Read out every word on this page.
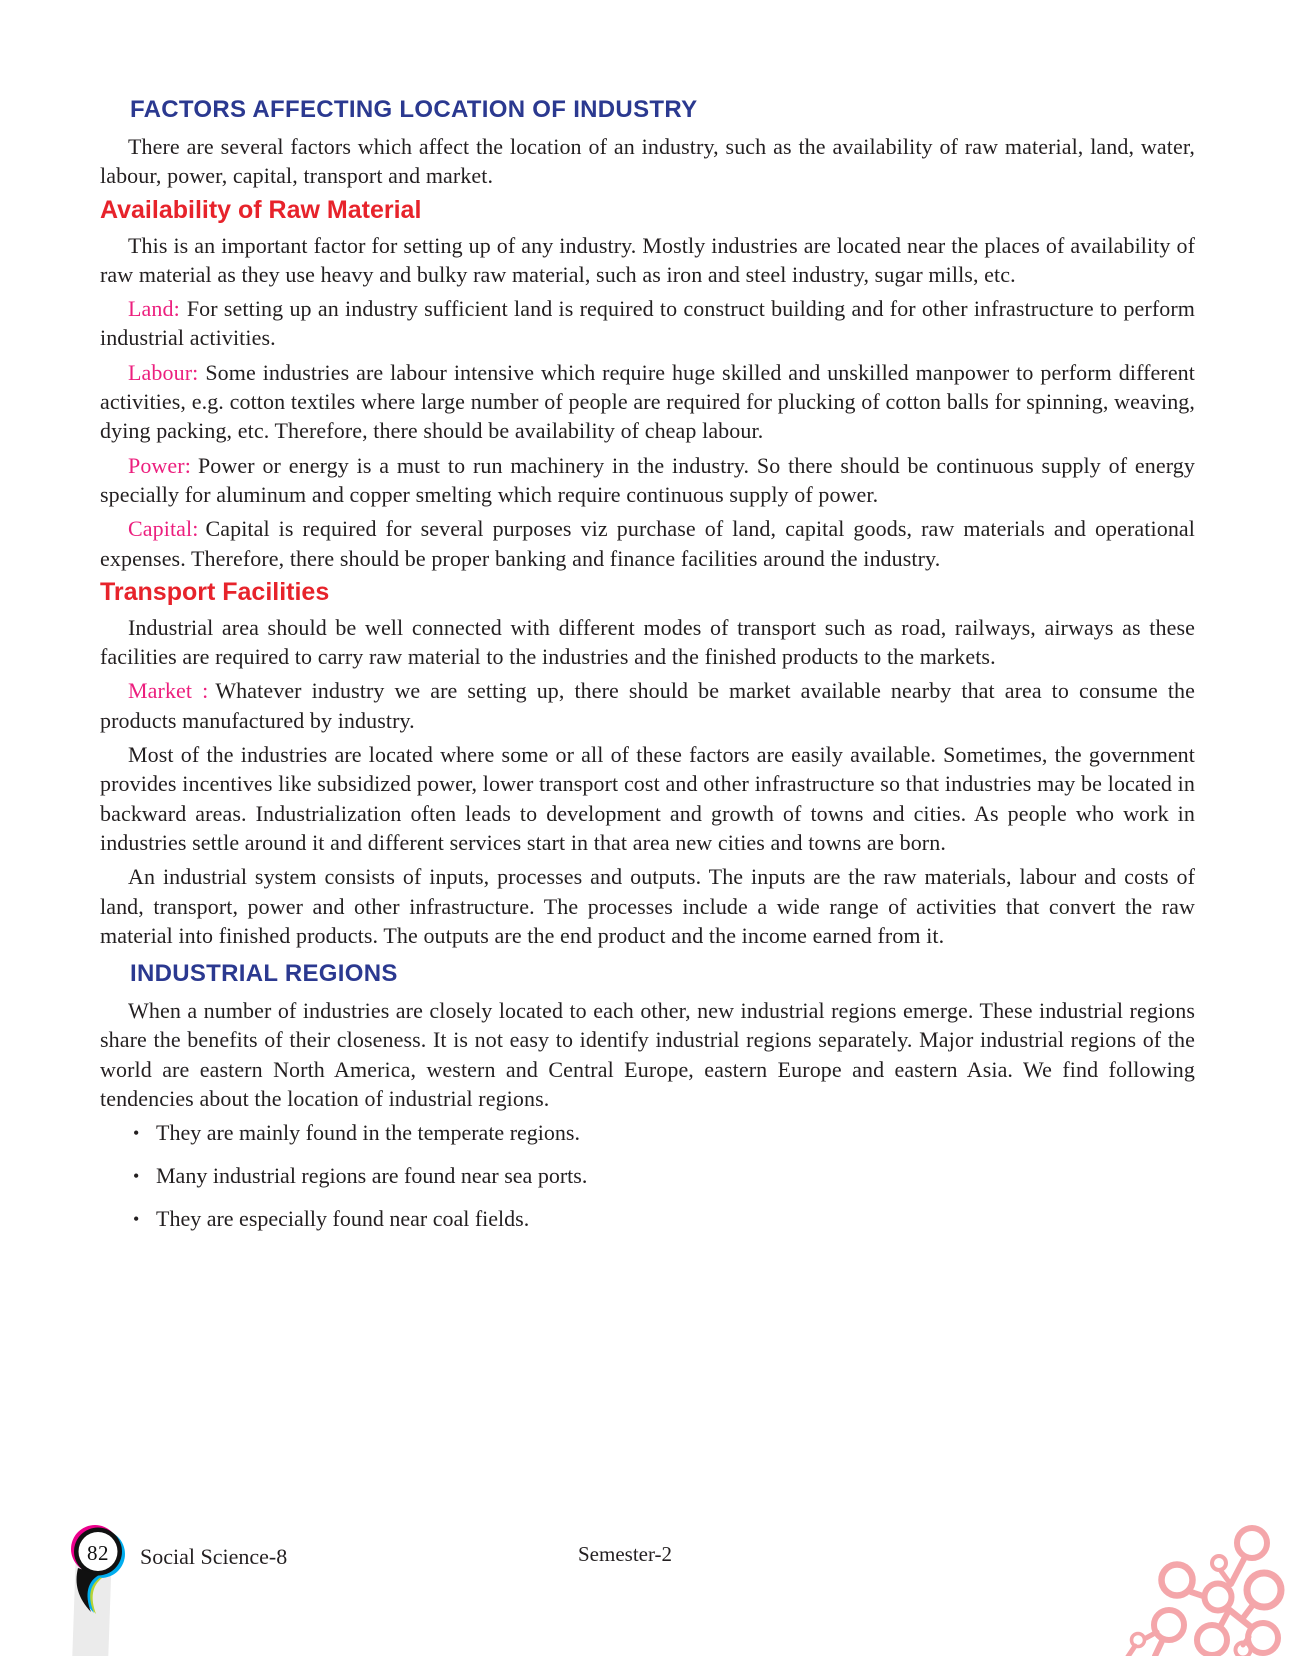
FACTORS AFFECTING LOCATION OF INDUSTRY

There are several factors which affect the location of an industry, such as the availability of raw material, land, water, labour, power, capital, transport and market.

Availability of Raw Material

This is an important factor for setting up of any industry. Mostly industries are located near the places of availability of raw material as they use heavy and bulky raw material, such as iron and steel industry, sugar mills, etc.

Land: For setting up an industry sufficient land is required to construct building and for other infrastructure to perform industrial activities.

Labour: Some industries are labour intensive which require huge skilled and unskilled manpower to perform different activities, e.g. cotton textiles where large number of people are required for plucking of cotton balls for spinning, weaving, dying packing, etc. Therefore, there should be availability of cheap labour.

Power: Power or energy is a must to run machinery in the industry. So there should be continuous supply of energy specially for aluminum and copper smelting which require continuous supply of power.

Capital: Capital is required for several purposes viz purchase of land, capital goods, raw materials and operational expenses. Therefore, there should be proper banking and finance facilities around the industry.

Transport Facilities

Industrial area should be well connected with different modes of transport such as road, railways, airways as these facilities are required to carry raw material to the industries and the finished products to the markets.

Market : Whatever industry we are setting up, there should be market available nearby that area to consume the products manufactured by industry.

Most of the industries are located where some or all of these factors are easily available. Sometimes, the government provides incentives like subsidized power, lower transport cost and other infrastructure so that industries may be located in backward areas. Industrialization often leads to development and growth of towns and cities. As people who work in industries settle around it and different services start in that area new cities and towns are born.

An industrial system consists of inputs, processes and outputs. The inputs are the raw materials, labour and costs of land, transport, power and other infrastructure. The processes include a wide range of activities that convert the raw material into finished products. The outputs are the end product and the income earned from it.

INDUSTRIAL REGIONS

When a number of industries are closely located to each other, new industrial regions emerge. These industrial regions share the benefits of their closeness. It is not easy to identify industrial regions separately. Major industrial regions of the world are eastern North America, western and Central Europe, eastern Europe and eastern Asia. We find following tendencies about the location of industrial regions.

• They are mainly found in the temperate regions.
• Many industrial regions are found near sea ports.
• They are especially found near coal fields.
82	Social Science-8	Semester-2
